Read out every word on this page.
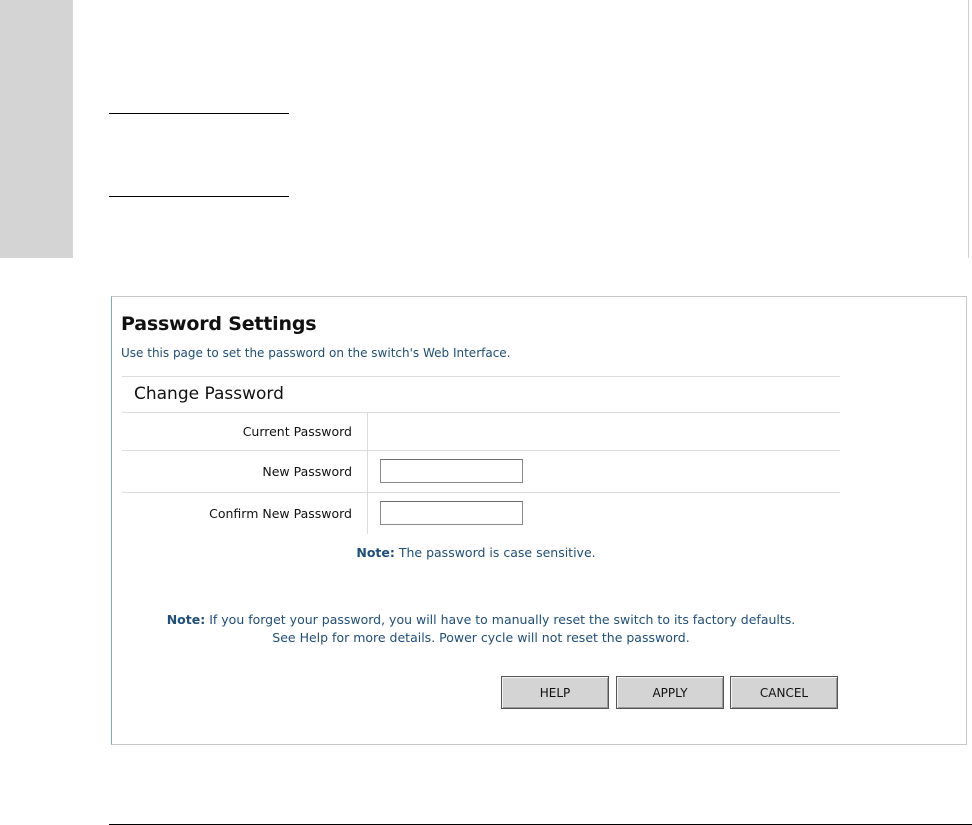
Password Settings
Use this page to set the password on the switch's Web Interface.
Change Password
Current Password
New Password
Confirm New Password
Note: The password is case sensitive.
Note: If you forget your password, you will have to manually reset the switch to its factory defaults.
See Help for more details. Power cycle will not reset the password.
HELP	APPLY	CANCEL
